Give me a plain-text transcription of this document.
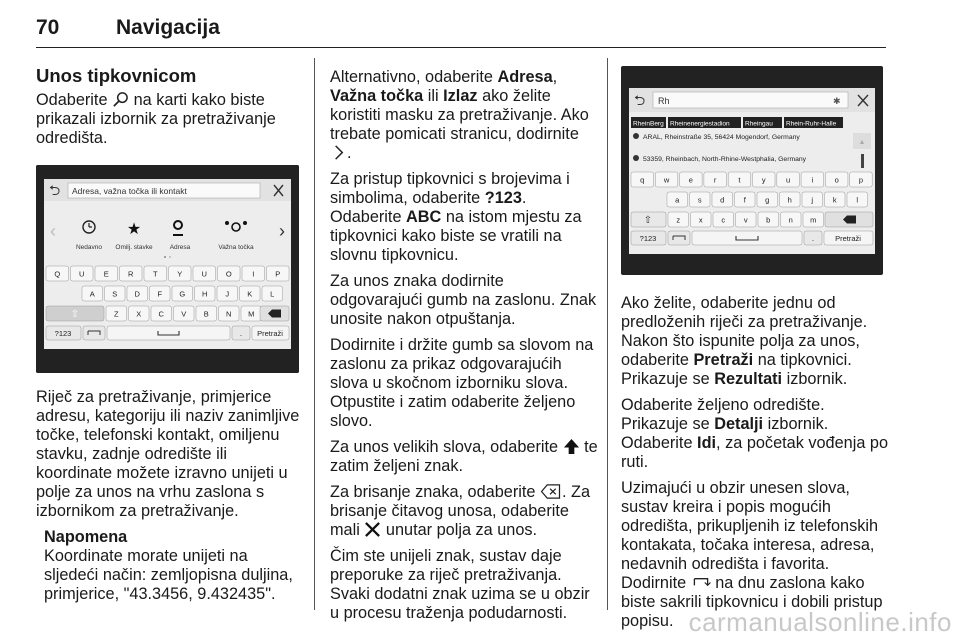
70	Navigacija
Unos tipkovnicom

Odaberite na karti kako biste prikazali izbornik za pretraživanje odredišta.

⮌ Adresa, važna točka ili kontakt
‹	›
★
Nedavno Omilj. stavke	Adresa	Važna točka
Q	U	E	R	T	Y	U	O	I	P
A S D F G H J K L
Z X C V B N M
⇧
?123	. Pretraži

Riječ za pretraživanje, primjerice adresu, kategoriju ili naziv zanimljive točke, telefonski kontakt, omiljenu stavku, zadnje odredište ili koordinate možete izravno unijeti u polje za unos na vrhu zaslona s izbornikom za pretraživanje.

Napomena
Koordinate morate unijeti na sljedeći način: zemljopisna duljina, primjerice, "43.3456, 9.432435".

Alternativno, odaberite Adresa, Važna točka ili Izlaz ako želite koristiti masku za pretraživanje. Ako trebate pomicati stranicu, dodirnite .

Za pristup tipkovnici s brojevima i simbolima, odaberite ?123.
Odaberite ABC na istom mjestu za tipkovnici kako biste se vratili na slovnu tipkovnicu.

Za unos znaka dodirnite odgovarajući gumb na zaslonu. Znak unosite nakon otpuštanja.

Dodirnite i držite gumb sa slovom na zaslonu za prikaz odgovarajućih slova u skočnom izborniku slova. Otpustite i zatim odaberite željeno slovo.

Za unos velikih slova, odaberite te zatim željeni znak.

Za brisanje znaka, odaberite . Za brisanje čitavog unosa, odaberite mali unutar polja za unos.

Čim ste unijeli znak, sustav daje preporuke za riječ pretraživanja. Svaki dodatni znak uzima se u obzir u procesu traženja podudarnosti.

⮌ Rh	✱
RheinBerg Rheinenergiestadion Rheingau Rhein-Ruhr-Halle
ARAL, Rheinstraße 35, 56424 Mogendorf, Germany
53359, Rheinbach, North-Rhine-Westphalia, Germany
▲
q	w	e	r	t	y	u	i	o	p
a s d	f	g h	j	k	l
z	x	c	v b n m
⇧
?123	.	Pretraži

Ako želite, odaberite jednu od predloženih riječi za pretraživanje. Nakon što ispunite polja za unos, odaberite Pretraži na tipkovnici.
Prikazuje se Rezultati izbornik.

Odaberite željeno odredište.
Prikazuje se Detalji izbornik.
Odaberite Idi, za početak vođenja po ruti.

Uzimajući u obzir unesen slova, sustav kreira i popis mogućih odredišta, prikupljenih iz telefonskih kontakata, točaka interesa, adresa, nedavnih odredišta i favorita.
Dodirnite na dnu zaslona kako biste sakrili tipkovnicu i dobili pristup popisu. carmanualsonline.info
